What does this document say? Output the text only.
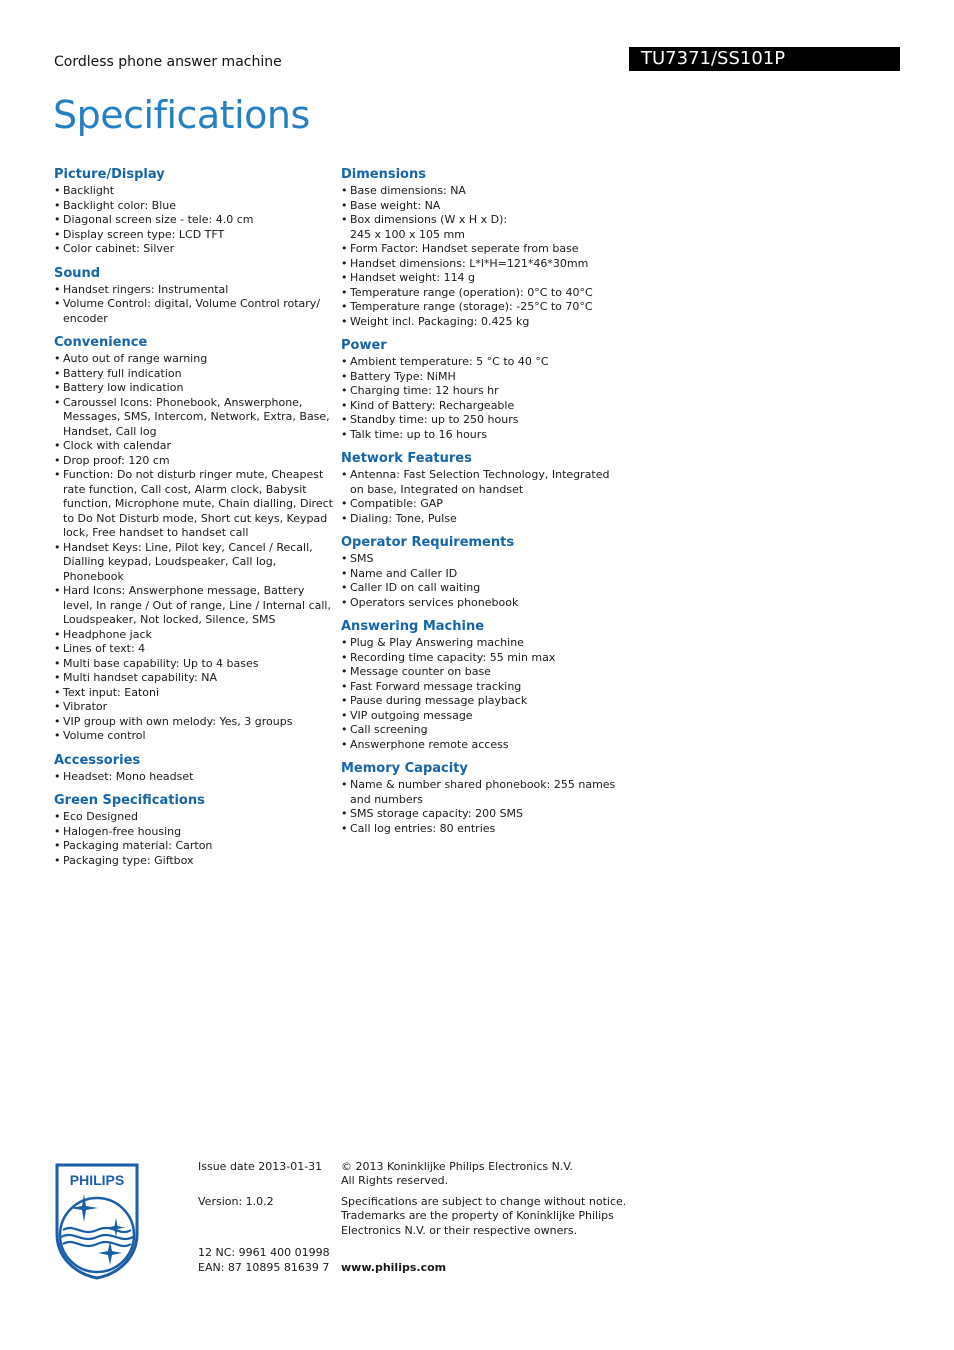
Cordless phone answer machine	TU7371/SS101P
Specifications
Picture/Display
• Backlight
• Backlight color: Blue
• Diagonal screen size - tele: 4.0 cm
• Display screen type: LCD TFT
• Color cabinet: Silver
Sound
• Handset ringers: Instrumental
• Volume Control: digital, Volume Control rotary/ encoder
Convenience
• Auto out of range warning
• Battery full indication
• Battery low indication
• Caroussel Icons: Phonebook, Answerphone, Messages, SMS, Intercom, Network, Extra, Base, Handset, Call log
• Clock with calendar
• Drop proof: 120 cm
• Function: Do not disturb ringer mute, Cheapest rate function, Call cost, Alarm clock, Babysit function, Microphone mute, Chain dialling, Direct to Do Not Disturb mode, Short cut keys, Keypad lock, Free handset to handset call
• Handset Keys: Line, Pilot key, Cancel / Recall, Dialling keypad, Loudspeaker, Call log, Phonebook
• Hard Icons: Answerphone message, Battery level, In range / Out of range, Line / Internal call, Loudspeaker, Not locked, Silence, SMS
• Headphone jack
• Lines of text: 4
• Multi base capability: Up to 4 bases
• Multi handset capability: NA
• Text input: Eatoni
• Vibrator
• VIP group with own melody: Yes, 3 groups
• Volume control
Accessories
• Headset: Mono headset
Green Specifications
• Eco Designed
• Halogen-free housing
• Packaging material: Carton
• Packaging type: Giftbox
Dimensions
• Base dimensions: NA
• Base weight: NA
• Box dimensions (W x H x D): 245 x 100 x 105 mm
• Form Factor: Handset seperate from base
• Handset dimensions: L*l*H=121*46*30mm
• Handset weight: 114 g
• Temperature range (operation): 0°C to 40°C
• Temperature range (storage): -25°C to 70°C
• Weight incl. Packaging: 0.425 kg
Power
• Ambient temperature: 5 °C to 40 °C
• Battery Type: NiMH
• Charging time: 12 hours hr
• Kind of Battery: Rechargeable
• Standby time: up to 250 hours
• Talk time: up to 16 hours
Network Features
• Antenna: Fast Selection Technology, Integrated on base, Integrated on handset
• Compatible: GAP
• Dialing: Tone, Pulse
Operator Requirements
• SMS
• Name and Caller ID
• Caller ID on call waiting
• Operators services phonebook
Answering Machine
• Plug & Play Answering machine
• Recording time capacity: 55 min max
• Message counter on base
• Fast Forward message tracking
• Pause during message playback
• VIP outgoing message
• Call screening
• Answerphone remote access
Memory Capacity
• Name & number shared phonebook: 255 names and numbers
• SMS storage capacity: 200 SMS
• Call log entries: 80 entries
PHILIPS
Issue date 2013-01-31
Version: 1.0.2
12 NC: 9961 400 01998
EAN: 87 10895 81639 7
© 2013 Koninklijke Philips Electronics N.V.
All Rights reserved.
Specifications are subject to change without notice.
Trademarks are the property of Koninklijke Philips
Electronics N.V. or their respective owners.
www.philips.com
